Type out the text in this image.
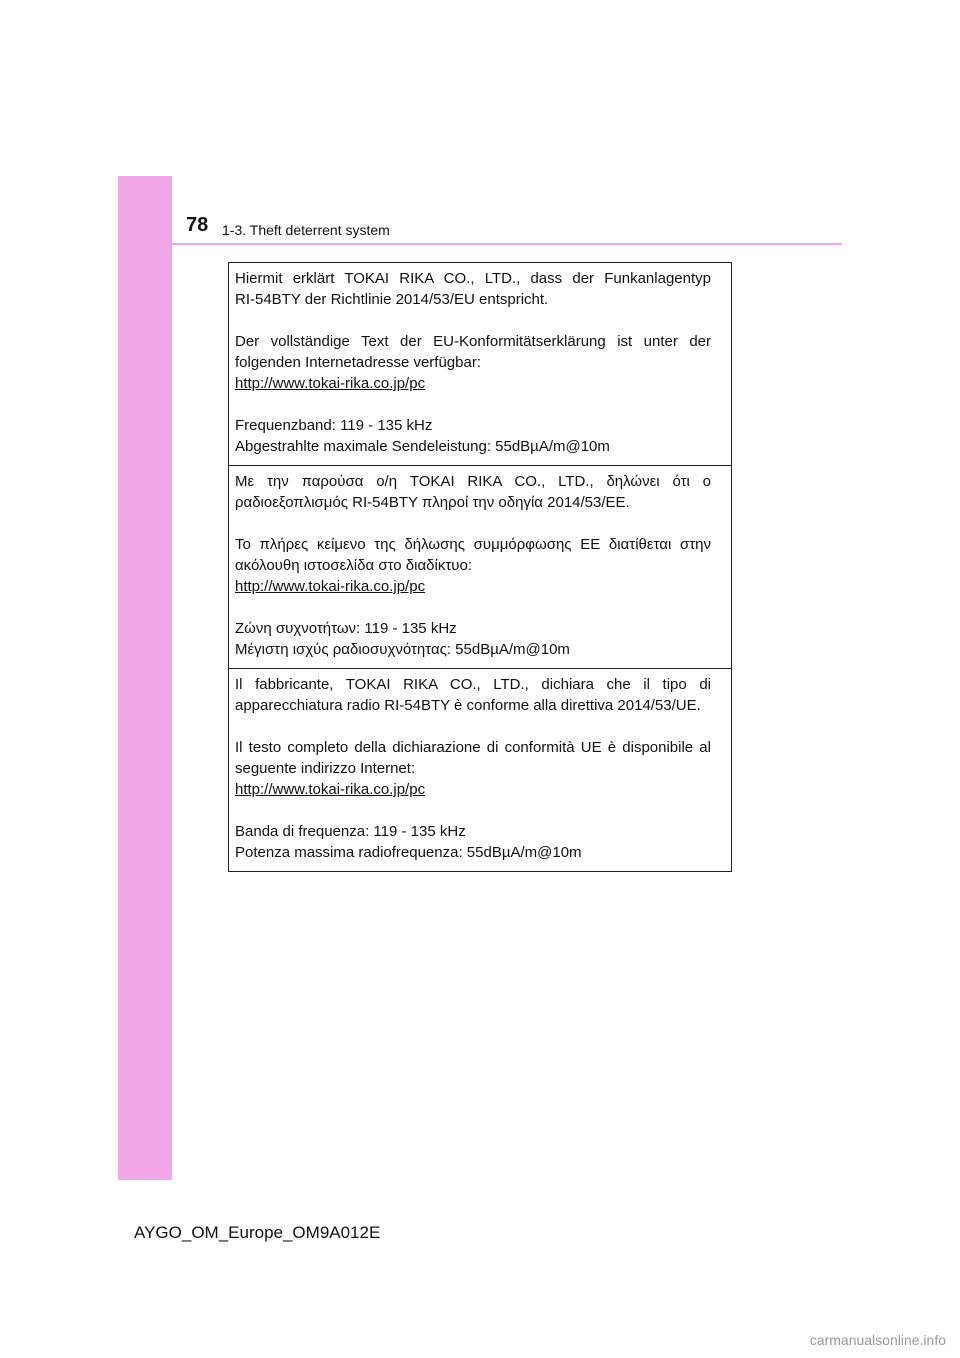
78 1-3. Theft deterrent system

Hiermit erklärt TOKAI RIKA CO., LTD., dass der Funkanlagentyp
RI-54BTY der Richtlinie 2014/53/EU entspricht.

Der vollständige Text der EU-Konformitätserklärung ist unter der
folgenden Internetadresse verfügbar:
http://www.tokai-rika.co.jp/pc

Frequenzband: 119 - 135 kHz
Abgestrahlte maximale Sendeleistung: 55dBµA/m@10m

Με την παρούσα ο/η TOKAI RIKA CO., LTD., δηλώνει ότι ο
ραδιοεξοπλισμός RI-54BTY πληροί την οδηγία 2014/53/ΕΕ.

Το πλήρες κείμενο της δήλωσης συμμόρφωσης ΕΕ διατίθεται στην
ακόλουθη ιστοσελίδα στο διαδίκτυο:
http://www.tokai-rika.co.jp/pc

Ζώνη συχνοτήτων: 119 - 135 kHz
Μέγιστη ισχύς ραδιοσυχνότητας: 55dBµA/m@10m

Il fabbricante, TOKAI RIKA CO., LTD., dichiara che il tipo di
apparecchiatura radio RI-54BTY è conforme alla direttiva 2014/53/UE.

Il testo completo della dichiarazione di conformità UE è disponibile al
seguente indirizzo Internet:
http://www.tokai-rika.co.jp/pc

Banda di frequenza: 119 - 135 kHz
Potenza massima radiofrequenza: 55dBµA/m@10m

AYGO_OM_Europe_OM9A012E
carmanualsonline.info
